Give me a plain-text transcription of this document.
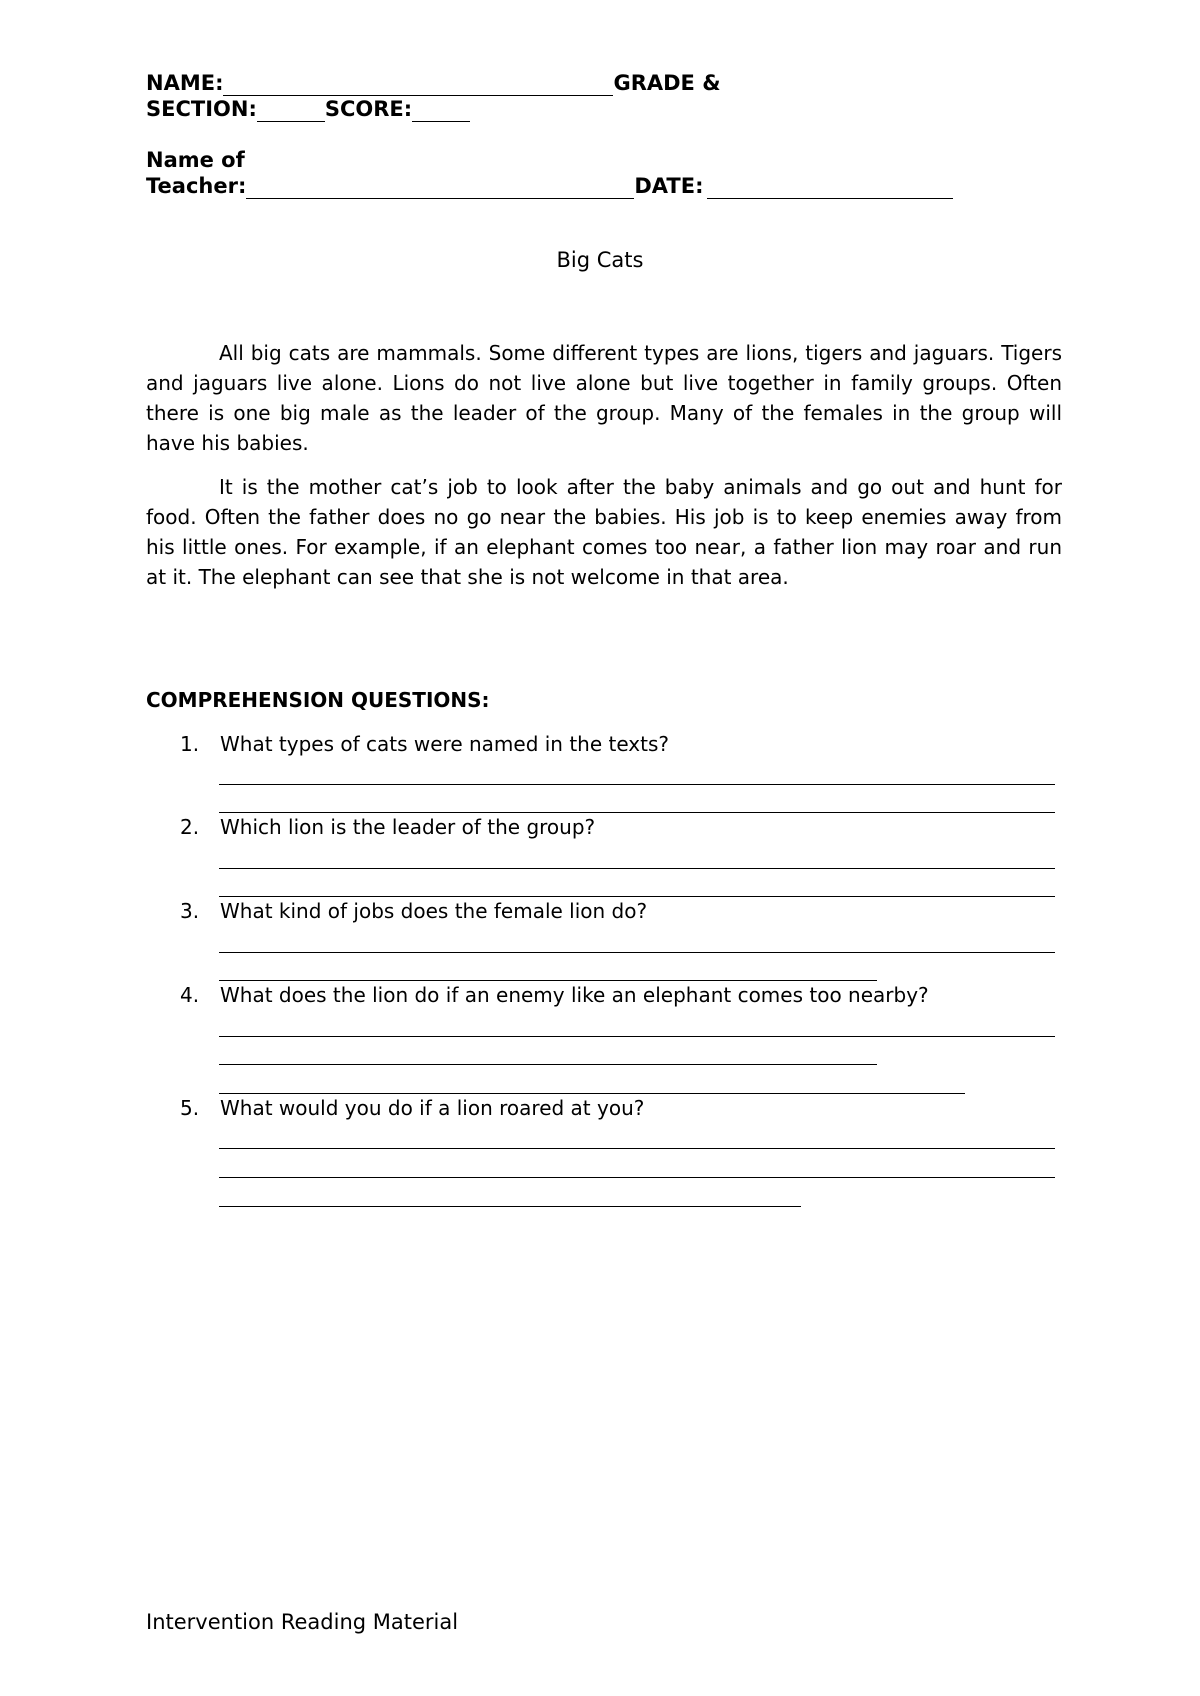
NAME:	GRADE &
SECTION:	SCORE:
Name of
Teacher:	DATE:
Big Cats

All big cats are mammals. Some different types are lions, tigers and jaguars. Tigers and jaguars live alone. Lions do not live alone but live together in family groups. Often there is one big male as the leader of the group. Many of the females in the group will have his babies.

It is the mother cat’s job to look after the baby animals and go out and hunt for food. Often the father does no go near the babies. His job is to keep enemies away from his little ones. For example, if an elephant comes too near, a father lion may roar and run at it. The elephant can see that she is not welcome in that area.

COMPREHENSION QUESTIONS:
1. What types of cats were named in the texts?
2. Which lion is the leader of the group?
3. What kind of jobs does the female lion do?
4. What does the lion do if an enemy like an elephant comes too nearby?
5. What would you do if a lion roared at you?
Intervention Reading Material
